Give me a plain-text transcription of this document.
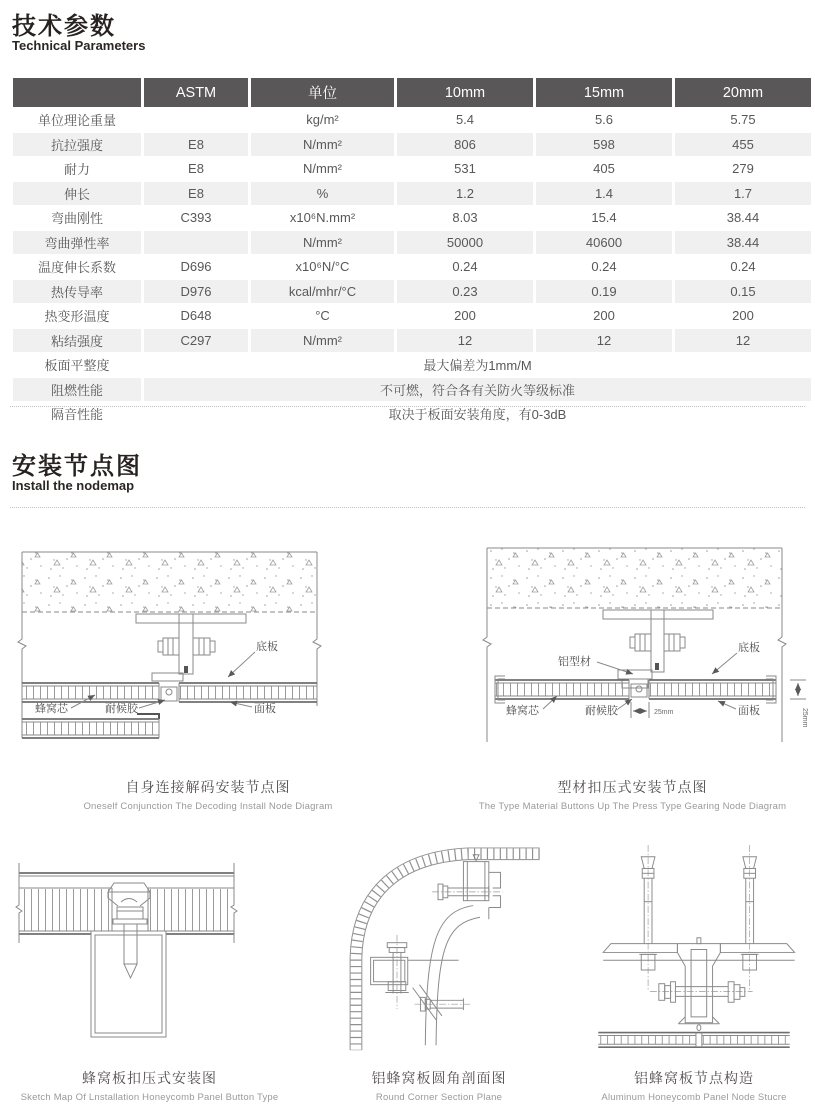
技术参数
Technical Parameters
	ASTM	单位	10mm	15mm	20mm
单位理论重量		kg/m²	5.4	5.6	5.75
抗拉强度	E8	N/mm²	806	598	455
耐力	E8	N/mm²	531	405	279
伸长	E8	%	1.2	1.4	1.7
弯曲刚性	C393	x10⁶N.mm²	8.03	15.4	38.44
弯曲弹性率		N/mm²	50000	40600	38.44
温度伸长系数	D696	x10⁶N/°C	0.24	0.24	0.24
热传导率	D976	kcal/mhr/°C	0.23	0.19	0.15
热变形温度	D648	°C	200	200	200
粘结强度	C297	N/mm²	12	12	12
板面平整度	最大偏差为1mm/M				
阻燃性能	不可燃，符合各有关防火等级标准				
隔音性能	取决于板面安装角度，有0-3dB				
安装节点图
Install the nodemap
底板
蜂窝芯	耐候胶	面板
自身连接解码安装节点图
Oneself Conjunction The Decoding Install Node Diagram
25mm	25mm
铝型材
底板
蜂窝芯	耐候胶	面板
型材扣压式安装节点图
The Type Material Buttons Up The Press Type Gearing Node Diagram
蜂窝板扣压式安装图
Sketch Map Of Lnstallation Honeycomb Panel Button Type
铝蜂窝板圆角剖面图
Round Corner Section Plane
铝蜂窝板节点构造
Aluminum Honeycomb Panel Node Stucre
